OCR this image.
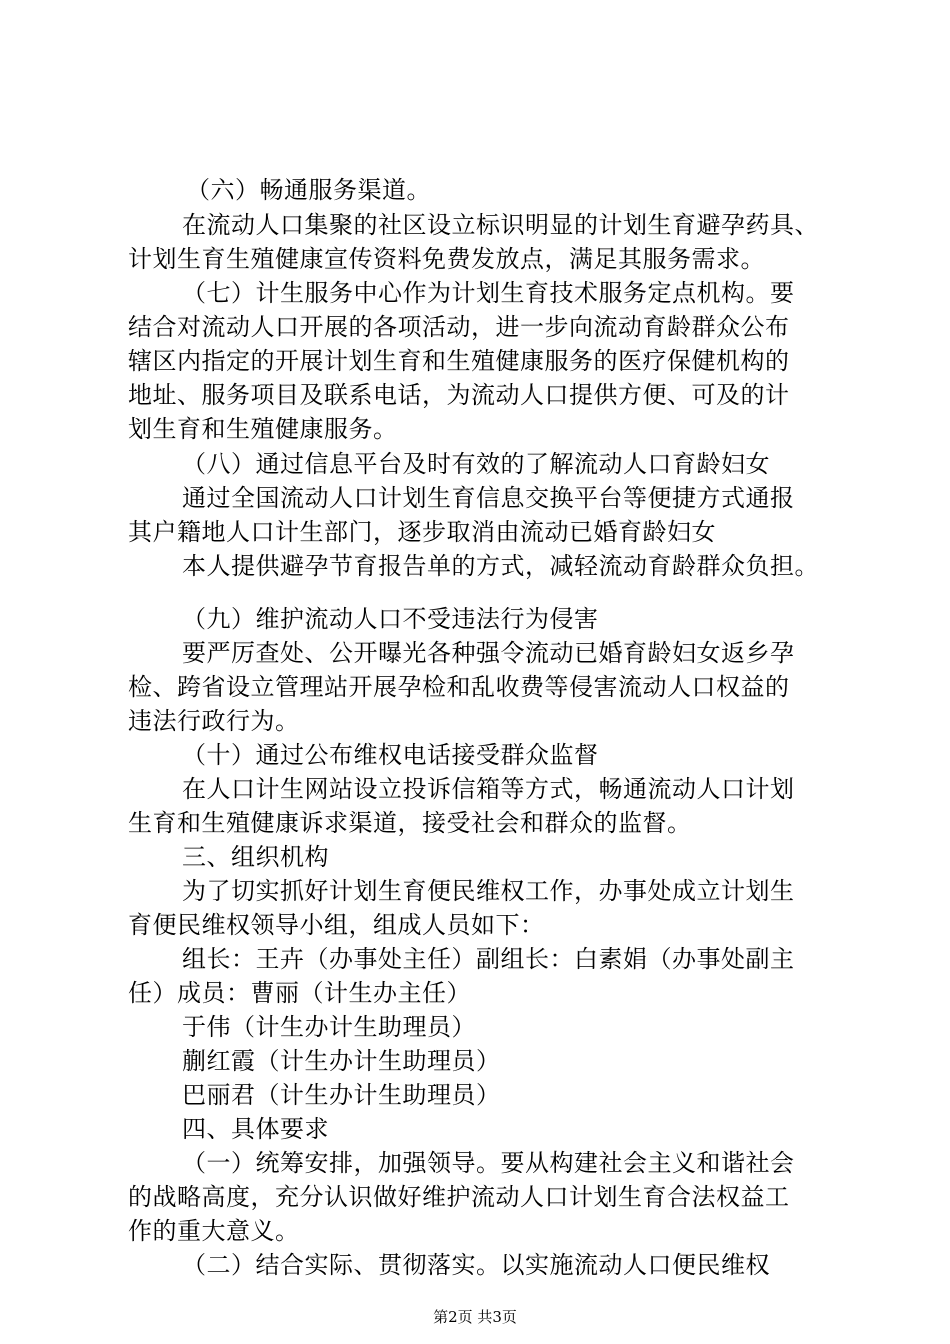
（六）畅通服务渠道。
在流动人口集聚的社区设立标识明显的计划生育避孕药具、
计划生育生殖健康宣传资料免费发放点，满足其服务需求。
（七）计生服务中心作为计划生育技术服务定点机构。要
结合对流动人口开展的各项活动，进一步向流动育龄群众公布
辖区内指定的开展计划生育和生殖健康服务的医疗保健机构的
地址、服务项目及联系电话，为流动人口提供方便、可及的计
划生育和生殖健康服务。
（八）通过信息平台及时有效的了解流动人口育龄妇女
通过全国流动人口计划生育信息交换平台等便捷方式通报
其户籍地人口计生部门，逐步取消由流动已婚育龄妇女
本人提供避孕节育报告单的方式，减轻流动育龄群众负担。
（九）维护流动人口不受违法行为侵害
要严厉查处、公开曝光各种强令流动已婚育龄妇女返乡孕
检、跨省设立管理站开展孕检和乱收费等侵害流动人口权益的
违法行政行为。
（十）通过公布维权电话接受群众监督
在人口计生网站设立投诉信箱等方式，畅通流动人口计划
生育和生殖健康诉求渠道，接受社会和群众的监督。
三、组织机构
为了切实抓好计划生育便民维权工作，办事处成立计划生
育便民维权领导小组，组成人员如下：
组长：王卉（办事处主任）副组长：白素娟（办事处副主
任）成员：曹丽（计生办主任）
于伟（计生办计生助理员）
蒯红霞（计生办计生助理员）
巴丽君（计生办计生助理员）
四、具体要求
（一）统筹安排，加强领导。要从构建社会主义和谐社会
的战略高度，充分认识做好维护流动人口计划生育合法权益工
作的重大意义。
（二）结合实际、贯彻落实。以实施流动人口便民维权
第2页 共3页
